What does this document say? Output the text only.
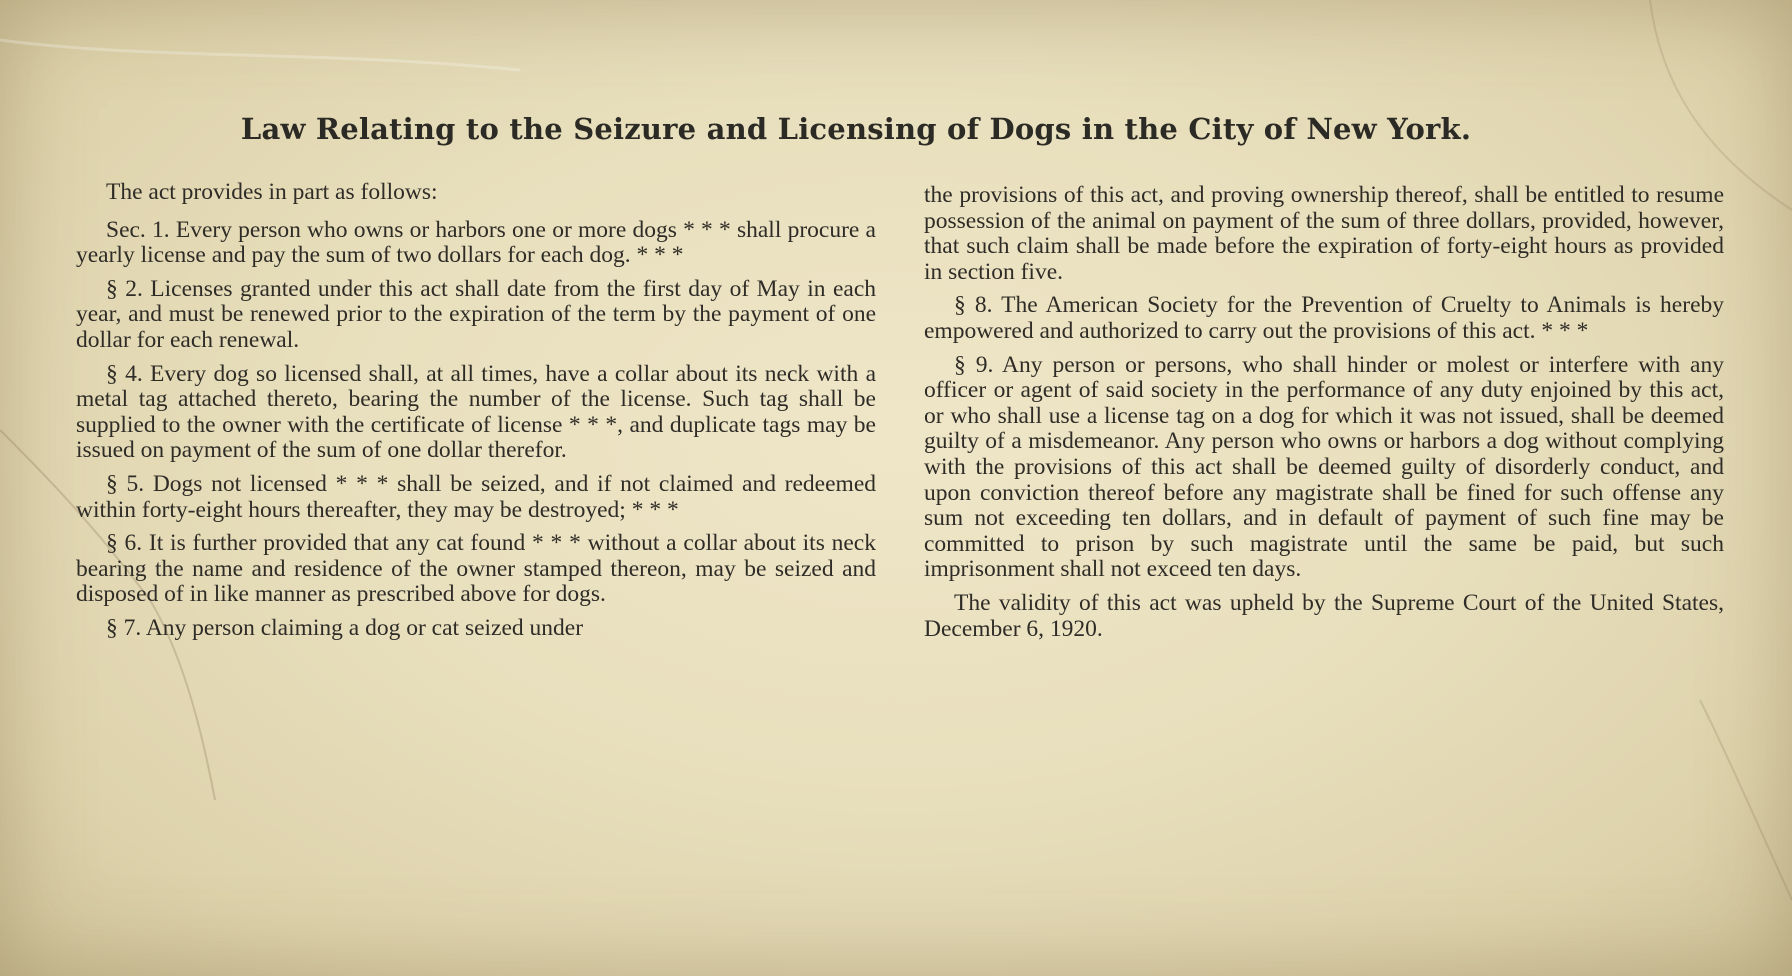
Law Relating to the Seizure and Licensing of Dogs in the City of New York.

The act provides in part as follows:

Sec. 1. Every person who owns or harbors one or more dogs * * * shall procure a yearly license and pay the sum of two dollars for each dog. * * *

§ 2. Licenses granted under this act shall date from the first day of May in each year, and must be renewed prior to the expiration of the term by the payment of one dollar for each renewal.

§ 4. Every dog so licensed shall, at all times, have a collar about its neck with a metal tag attached thereto, bearing the number of the license. Such tag shall be supplied to the owner with the certificate of license * * *, and duplicate tags may be issued on payment of the sum of one dollar therefor.

§ 5. Dogs not licensed * * * shall be seized, and if not claimed and redeemed within forty-eight hours thereafter, they may be destroyed; * * *

§ 6. It is further provided that any cat found * * * without a collar about its neck bearing the name and residence of the owner stamped thereon, may be seized and disposed of in like manner as prescribed above for dogs.

§ 7. Any person claiming a dog or cat seized under

the provisions of this act, and proving ownership thereof, shall be entitled to resume possession of the animal on payment of the sum of three dollars, provided, however, that such claim shall be made before the expiration of forty-eight hours as provided in section five.

§ 8. The American Society for the Prevention of Cruelty to Animals is hereby empowered and authorized to carry out the provisions of this act. * * *

§ 9. Any person or persons, who shall hinder or molest or interfere with any officer or agent of said society in the performance of any duty enjoined by this act, or who shall use a license tag on a dog for which it was not issued, shall be deemed guilty of a misdemeanor. Any person who owns or harbors a dog without complying with the provisions of this act shall be deemed guilty of disorderly conduct, and upon conviction thereof before any magistrate shall be fined for such offense any sum not exceeding ten dollars, and in default of payment of such fine may be committed to prison by such magistrate until the same be paid, but such imprisonment shall not exceed ten days.

The validity of this act was upheld by the Supreme Court of the United States, December 6, 1920.
